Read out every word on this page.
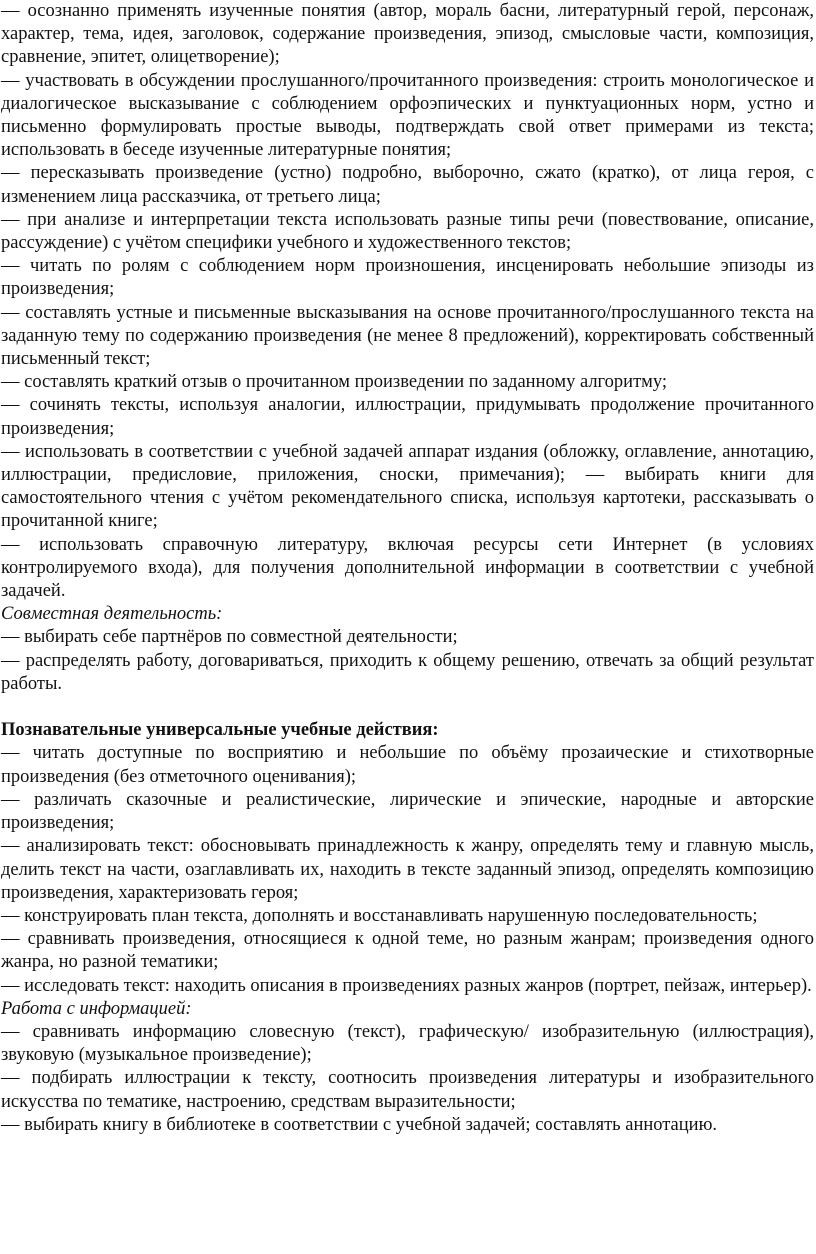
— осознанно применять изученные понятия (автор, мораль басни, литературный герой, персонаж, характер, тема, идея, заголовок, содержание произведения, эпизод, смысловые части, композиция, сравнение, эпитет, олицетворение);

— участвовать в обсуждении прослушанного/прочитанного произведения: строить монологическое и диалогическое высказывание с соблюдением орфоэпических и пунктуационных норм, устно и письменно формулировать простые выводы, подтверждать свой ответ примерами из текста; использовать в беседе изученные литературные понятия;

— пересказывать произведение (устно) подробно, выборочно, сжато (кратко), от лица героя, с изменением лица рассказчика, от третьего лица;

— при анализе и интерпретации текста использовать разные типы речи (повествование, описание, рассуждение) с учётом специфики учебного и художественного текстов;

— читать по ролям с соблюдением норм произношения, инсценировать небольшие эпизоды из произведения;

— составлять устные и письменные высказывания на основе прочитанного/прослушанного текста на заданную тему по содержанию произведения (не менее 8 предложений), корректировать собственный письменный текст;

— составлять краткий отзыв о прочитанном произведении по заданному алгоритму;

— сочинять тексты, используя аналогии, иллюстрации, придумывать продолжение прочитанного произведения;

— использовать в соответствии с учебной задачей аппарат издания (обложку, оглавление, аннотацию, иллюстрации, предисловие, приложения, сноски, примечания); — выбирать книги для самостоятельного чтения с учётом рекомендательного списка, используя картотеки, рассказывать о прочитанной книге;

— использовать справочную литературу, включая ресурсы сети Интернет (в условиях контролируемого входа), для получения дополнительной информации в соответствии с учебной задачей.

Совместная деятельность:

— выбирать себе партнёров по совместной деятельности;

— распределять работу, договариваться, приходить к общему решению, отвечать за общий результат работы.

Познавательные универсальные учебные действия:

— читать доступные по восприятию и небольшие по объёму прозаические и стихотворные произведения (без отметочного оценивания);

— различать сказочные и реалистические, лирические и эпические, народные и авторские произведения;

— анализировать текст: обосновывать принадлежность к жанру, определять тему и главную мысль, делить текст на части, озаглавливать их, находить в тексте заданный эпизод, определять композицию произведения, характеризовать героя;

— конструировать план текста, дополнять и восстанавливать нарушенную последовательность;

— сравнивать произведения, относящиеся к одной теме, но разным жанрам; произведения одного жанра, но разной тематики;

— исследовать текст: находить описания в произведениях разных жанров (портрет, пейзаж, интерьер).

Работа с информацией:

— сравнивать информацию словесную (текст), графическую/ изобразительную (иллюстрация), звуковую (музыкальное произведение);

— подбирать иллюстрации к тексту, соотносить произведения литературы и изобразительного искусства по тематике, настроению, средствам выразительности;

— выбирать книгу в библиотеке в соответствии с учебной задачей; составлять аннотацию.
